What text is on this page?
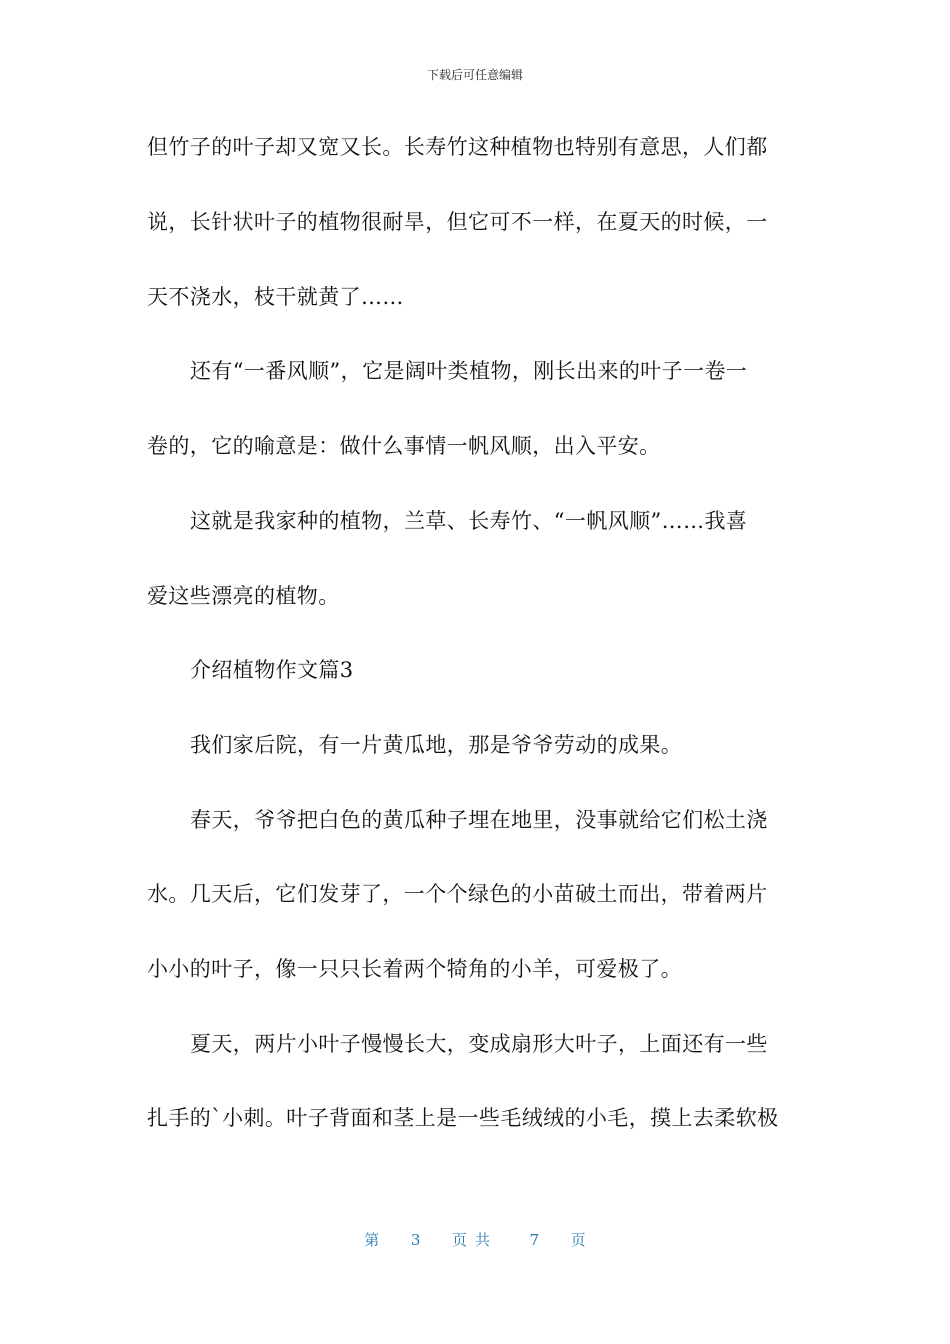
下载后可任意编辑
但竹子的叶子却又宽又长。长寿竹这种植物也特别有意思，人们都
说，长针状叶子的植物很耐旱，但它可不一样，在夏天的时候，一
天不浇水，枝干就黄了……
还有“一番风顺”，它是阔叶类植物，刚长出来的叶子一卷一
卷的，它的喻意是：做什么事情一帆风顺，出入平安。
这就是我家种的植物，兰草、长寿竹、“一帆风顺”……我喜
爱这些漂亮的植物。
介绍植物作文篇3
我们家后院，有一片黄瓜地，那是爷爷劳动的成果。
春天，爷爷把白色的黄瓜种子埋在地里，没事就给它们松土浇
水。几天后，它们发芽了，一个个绿色的小苗破土而出，带着两片
小小的叶子，像一只只长着两个犄角的小羊，可爱极了。
夏天，两片小叶子慢慢长大，变成扇形大叶子，上面还有一些
扎手的`小刺。叶子背面和茎上是一些毛绒绒的小毛，摸上去柔软极
第 3 页共 7 页
